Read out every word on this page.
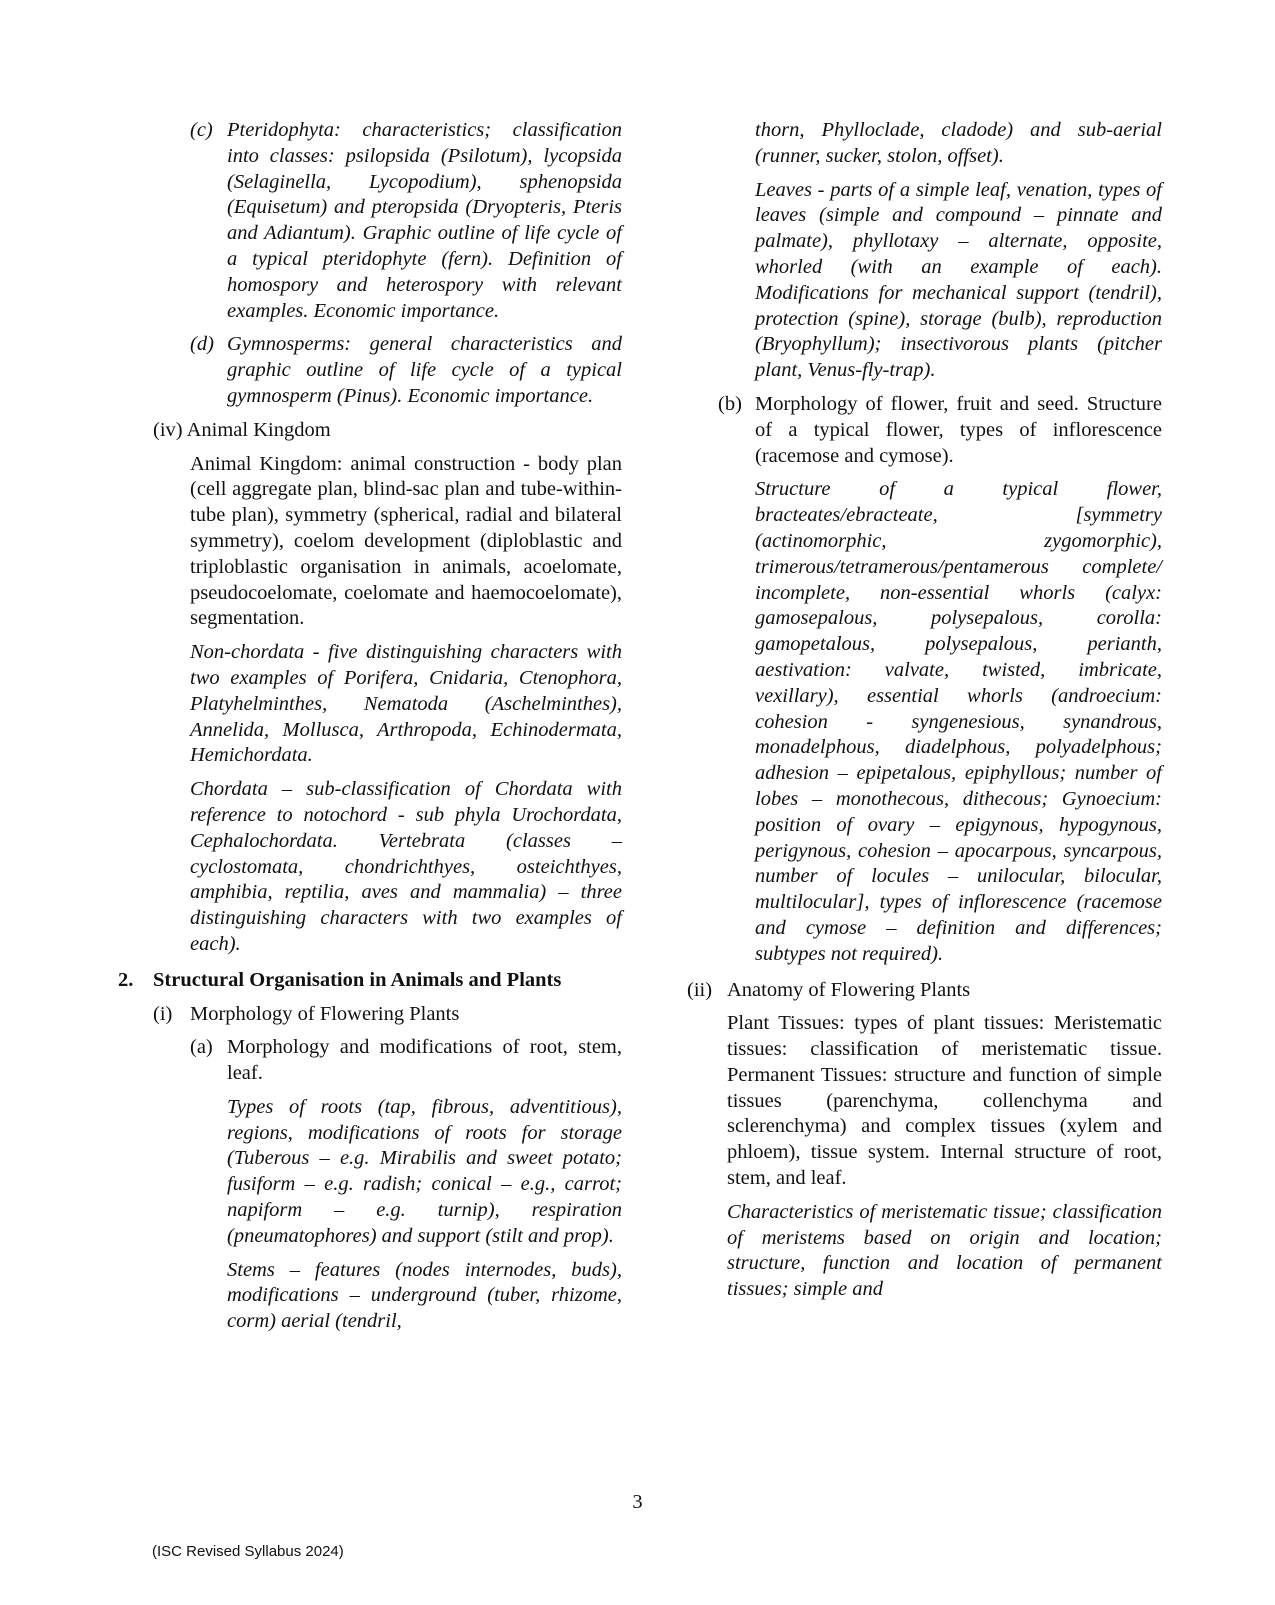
(c) Pteridophyta: characteristics; classification into classes: psilopsida (Psilotum), lycopsida (Selaginella, Lycopodium), sphenopsida (Equisetum) and pteropsida (Dryopteris, Pteris and Adiantum). Graphic outline of life cycle of a typical pteridophyte (fern). Definition of homospory and heterospory with relevant examples. Economic importance.

(d) Gymnosperms: general characteristics and graphic outline of life cycle of a typical gymnosperm (Pinus). Economic importance.

(iv) Animal Kingdom

Animal Kingdom: animal construction - body plan (cell aggregate plan, blind-sac plan and tube-within-tube plan), symmetry (spherical, radial and bilateral symmetry), coelom development (diploblastic and triploblastic organisation in animals, acoelomate, pseudocoelomate, coelomate and haemocoelomate), segmentation.

Non-chordata - five distinguishing characters with two examples of Porifera, Cnidaria, Ctenophora, Platyhelminthes, Nematoda (Aschelminthes), Annelida, Mollusca, Arthropoda, Echinodermata, Hemichordata.

Chordata – sub-classification of Chordata with reference to notochord - sub phyla Urochordata, Cephalochordata. Vertebrata (classes – cyclostomata, chondrichthyes, osteichthyes, amphibia, reptilia, aves and mammalia) – three distinguishing characters with two examples of each).

2. Structural Organisation in Animals and Plants
(i) Morphology of Flowering Plants
(a) Morphology and modifications of root, stem, leaf.

Types of roots (tap, fibrous, adventitious), regions, modifications of roots for storage (Tuberous – e.g. Mirabilis and sweet potato; fusiform – e.g. radish; conical – e.g., carrot; napiform – e.g. turnip), respiration (pneumatophores) and support (stilt and prop).

Stems – features (nodes internodes, buds), modifications – underground (tuber, rhizome, corm) aerial (tendril,

thorn, Phylloclade, cladode) and sub-aerial (runner, sucker, stolon, offset).

Leaves - parts of a simple leaf, venation, types of leaves (simple and compound – pinnate and palmate), phyllotaxy – alternate, opposite, whorled (with an example of each). Modifications for mechanical support (tendril), protection (spine), storage (bulb), reproduction (Bryophyllum); insectivorous plants (pitcher plant, Venus-fly-trap).

(b) Morphology of flower, fruit and seed. Structure of a typical flower, types of inflorescence (racemose and cymose).

Structure of a typical flower, bracteates/ebracteate, [symmetry (actinomorphic, zygomorphic), trimerous/tetramerous/pentamerous complete/ incomplete, non-essential whorls (calyx: gamosepalous, polysepalous, corolla: gamopetalous, polysepalous, perianth, aestivation: valvate, twisted, imbricate, vexillary), essential whorls (androecium: cohesion - syngenesious, synandrous, monadelphous, diadelphous, polyadelphous; adhesion – epipetalous, epiphyllous; number of lobes – monothecous, dithecous; Gynoecium: position of ovary – epigynous, hypogynous, perigynous, cohesion – apocarpous, syncarpous, number of locules – unilocular, bilocular, multilocular], types of inflorescence (racemose and cymose – definition and differences; subtypes not required).

(ii) Anatomy of Flowering Plants

Plant Tissues: types of plant tissues: Meristematic tissues: classification of meristematic tissue. Permanent Tissues: structure and function of simple tissues (parenchyma, collenchyma and sclerenchyma) and complex tissues (xylem and phloem), tissue system. Internal structure of root, stem, and leaf.

Characteristics of meristematic tissue; classification of meristems based on origin and location; structure, function and location of permanent tissues; simple and

3
(ISC Revised Syllabus 2024)
